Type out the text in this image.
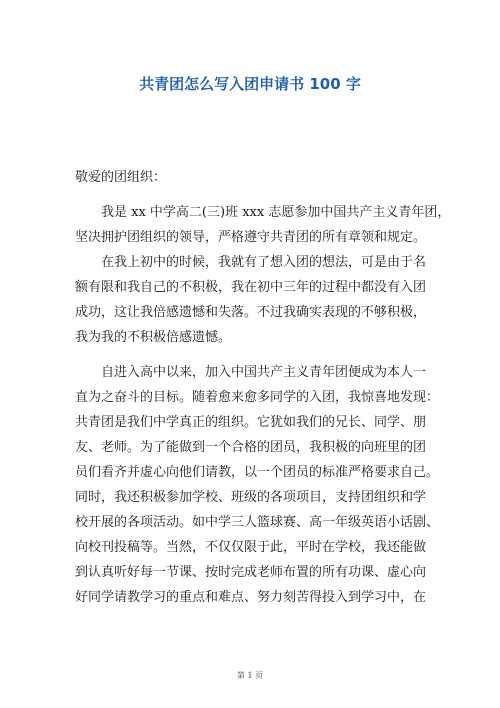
共青团怎么写入团申请书 100 字
敬爱的团组织：
我是 xx 中学高二(三)班 xxx 志愿参加中国共产主义青年团，
坚决拥护团组织的领导，严格遵守共青团的所有章领和规定。
在我上初中的时候，我就有了想入团的想法，可是由于名
额有限和我自己的不积极，我在初中三年的过程中都没有入团
成功，这让我倍感遗憾和失落。不过我确实表现的不够积极，
我为我的不积极倍感遗憾。
自进入高中以来，加入中国共产主义青年团便成为本人一
直为之奋斗的目标。随着愈来愈多同学的入团，我惊喜地发现：
共青团是我们中学真正的组织。它犹如我们的兄长、同学、朋
友、老师。为了能做到一个合格的团员，我积极的向班里的团
员们看齐并虚心向他们请教，以一个团员的标准严格要求自己。
同时，我还积极参加学校、班级的各项项目，支持团组织和学
校开展的各项活动。如中学三人篮球赛、高一年级英语小话剧、
向校刊投稿等。当然，不仅仅限于此，平时在学校，我还能做
到认真听好每一节课、按时完成老师布置的所有功课、虚心向
好同学请教学习的重点和难点、努力刻苦得投入到学习中，在
第 1 页
